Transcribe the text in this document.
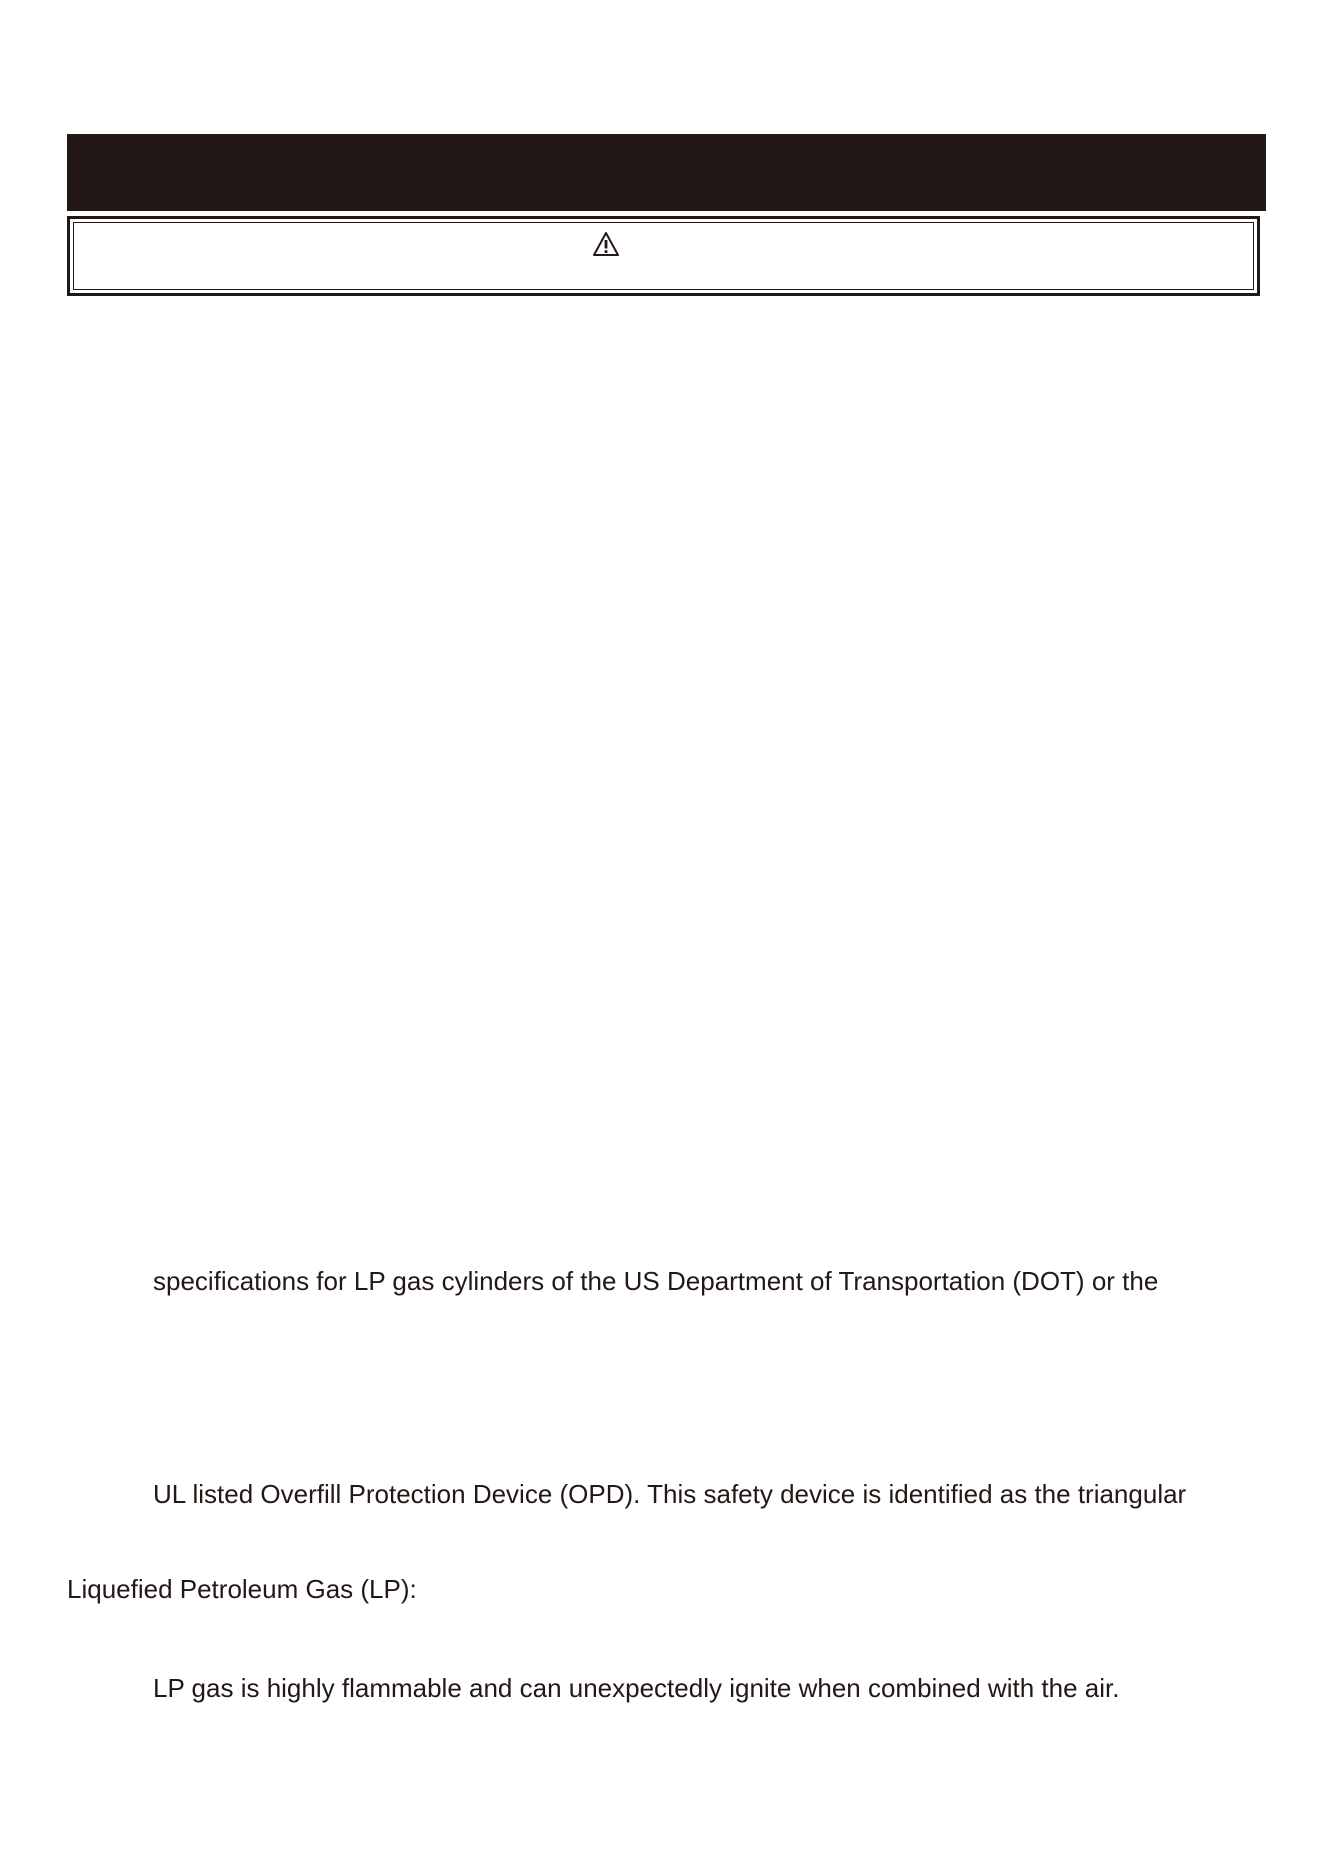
specifications for LP gas cylinders of the US Department of Transportation (DOT) or the
UL listed Overfill Protection Device (OPD). This safety device is identified as the triangular
Liquefied Petroleum Gas (LP):
LP gas is highly flammable and can unexpectedly ignite when combined with the air.
